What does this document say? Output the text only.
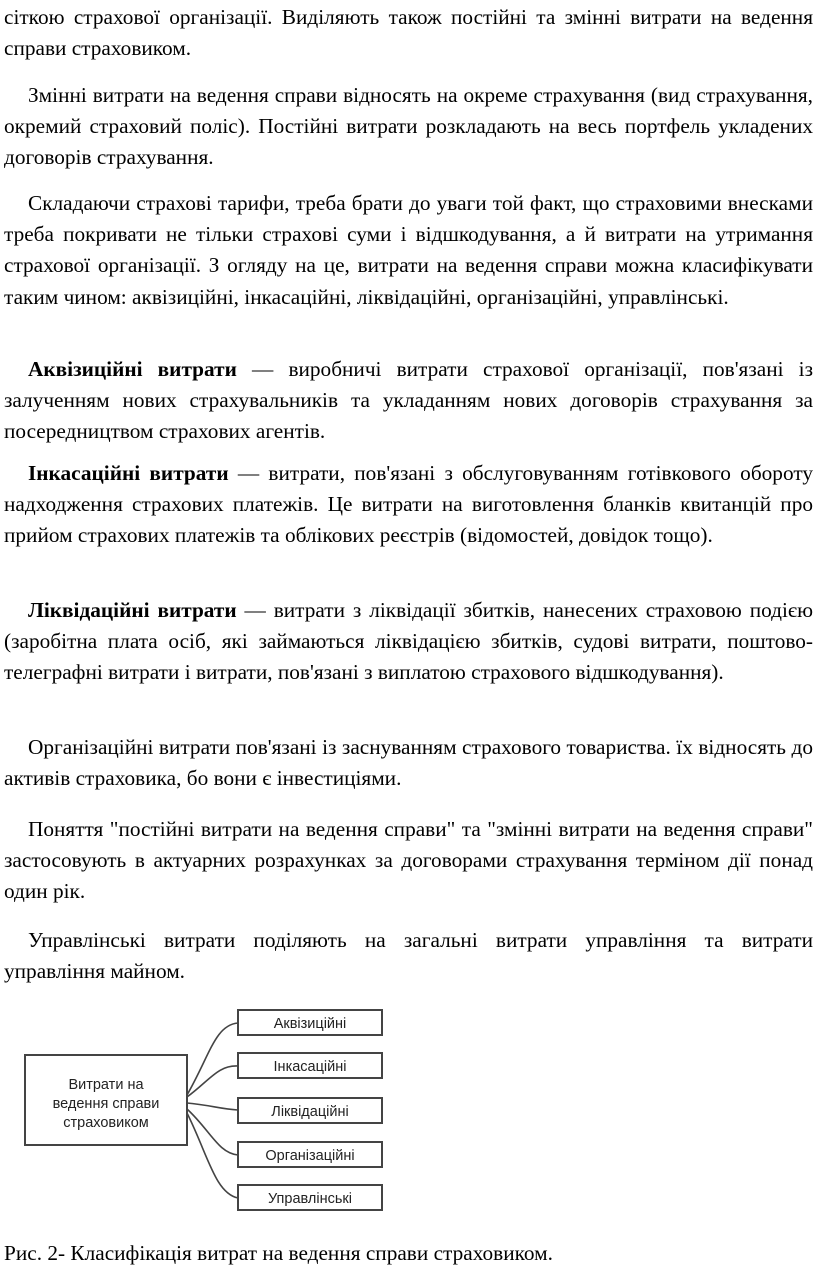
сіткою страхової організації. Виділяють також постійні та змінні витрати на ведення справи страховиком.

Змінні витрати на ведення справи відносять на окреме страхування (вид страхування, окремий страховий поліс). Постійні витрати розкладають на весь портфель укладених договорів страхування.

Складаючи страхові тарифи, треба брати до уваги той факт, що страховими внесками треба покривати не тільки страхові суми і відшкодування, а й витрати на утримання страхової організації. З огляду на це, витрати на ведення справи можна класифікувати таким чином: аквізиційні, інкасаційні, ліквідаційні, організаційні, управлінські.

Аквізиційні витрати — виробничі витрати страхової організації, пов'язані із залученням нових страхувальників та укладанням нових договорів страхування за посередництвом страхових агентів.

Інкасаційні витрати — витрати, пов'язані з обслуговуванням готівкового обороту надходження страхових платежів. Це витрати на виготовлення бланків квитанцій про прийом страхових платежів та облікових реєстрів (відомостей, довідок тощо).

Ліквідаційні витрати — витрати з ліквідації збитків, нанесених страховою подією (заробітна плата осіб, які займаються ліквідацією збитків, судові витрати, поштово-телеграфні витрати і витрати, пов'язані з виплатою страхового відшкодування).

Організаційні витрати пов'язані із заснуванням страхового товариства. їх відносять до активів страховика, бо вони є інвестиціями.

Поняття "постійні витрати на ведення справи" та "змінні витрати на ведення справи" застосовують в актуарних розрахунках за договорами страхування терміном дії понад один рік.

Управлінські витрати поділяють на загальні витрати управління та витрати управління майном.

Витрати на
ведення справи
страховиком
Аквізиційні
Інкасаційні
Ліквідаційні
Організаційні
Управлінські

Рис. 2- Класифікація витрат на ведення справи страховиком.
